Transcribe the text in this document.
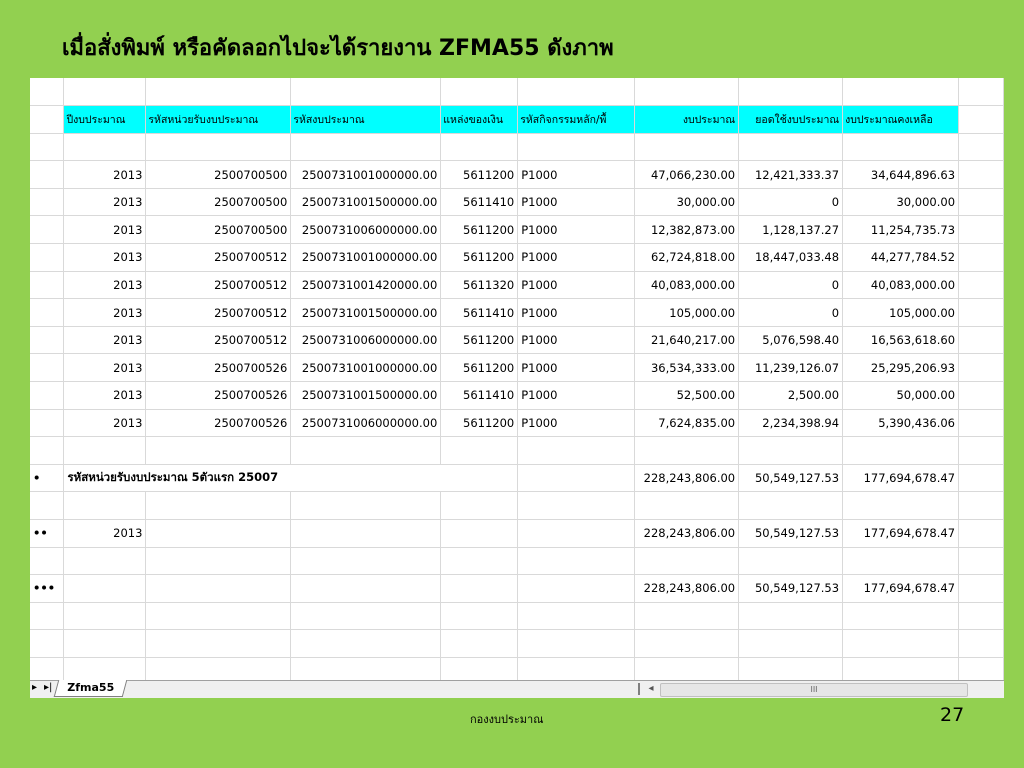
เมื่อสั่งพิมพ์ หรือคัดลอกไปจะได้รายงาน ZFMA55 ดังภาพ

	ปีงบประมาณ	รหัสหน่วยรับงบประมาณ	รหัสงบประมาณ	แหล่งของเงิน	รหัสกิจกรรมหลัก/พื้	งบประมาณ	ยอดใช้งบประมาณ	งบประมาณคงเหลือ	

	2013	2500700500	2500731001000000.00	5611200	P1000	47,066,230.00	12,421,333.37	34,644,896.63	
	2013	2500700500	2500731001500000.00	5611410	P1000	30,000.00	0	30,000.00	
	2013	2500700500	2500731006000000.00	5611200	P1000	12,382,873.00	1,128,137.27	11,254,735.73	
	2013	2500700512	2500731001000000.00	5611200	P1000	62,724,818.00	18,447,033.48	44,277,784.52	
	2013	2500700512	2500731001420000.00	5611320	P1000	40,083,000.00	0	40,083,000.00	
	2013	2500700512	2500731001500000.00	5611410	P1000	105,000.00	0	105,000.00	
	2013	2500700512	2500731006000000.00	5611200	P1000	21,640,217.00	5,076,598.40	16,563,618.60	
	2013	2500700526	2500731001000000.00	5611200	P1000	36,534,333.00	11,239,126.07	25,295,206.93	
	2013	2500700526	2500731001500000.00	5611410	P1000	52,500.00	2,500.00	50,000.00	
	2013	2500700526	2500731006000000.00	5611200	P1000	7,624,835.00	2,234,398.94	5,390,436.06	

•	รหัสหน่วยรับงบประมาณ 5ตัวแรก 25007					228,243,806.00	50,549,127.53	177,694,678.47	

••	2013					228,243,806.00	50,549,127.53	177,694,678.47	

•••						228,243,806.00	50,549,127.53	177,694,678.47	

▸ ▸|	Zfma55	◂	III
กองงบประมาณ	27
